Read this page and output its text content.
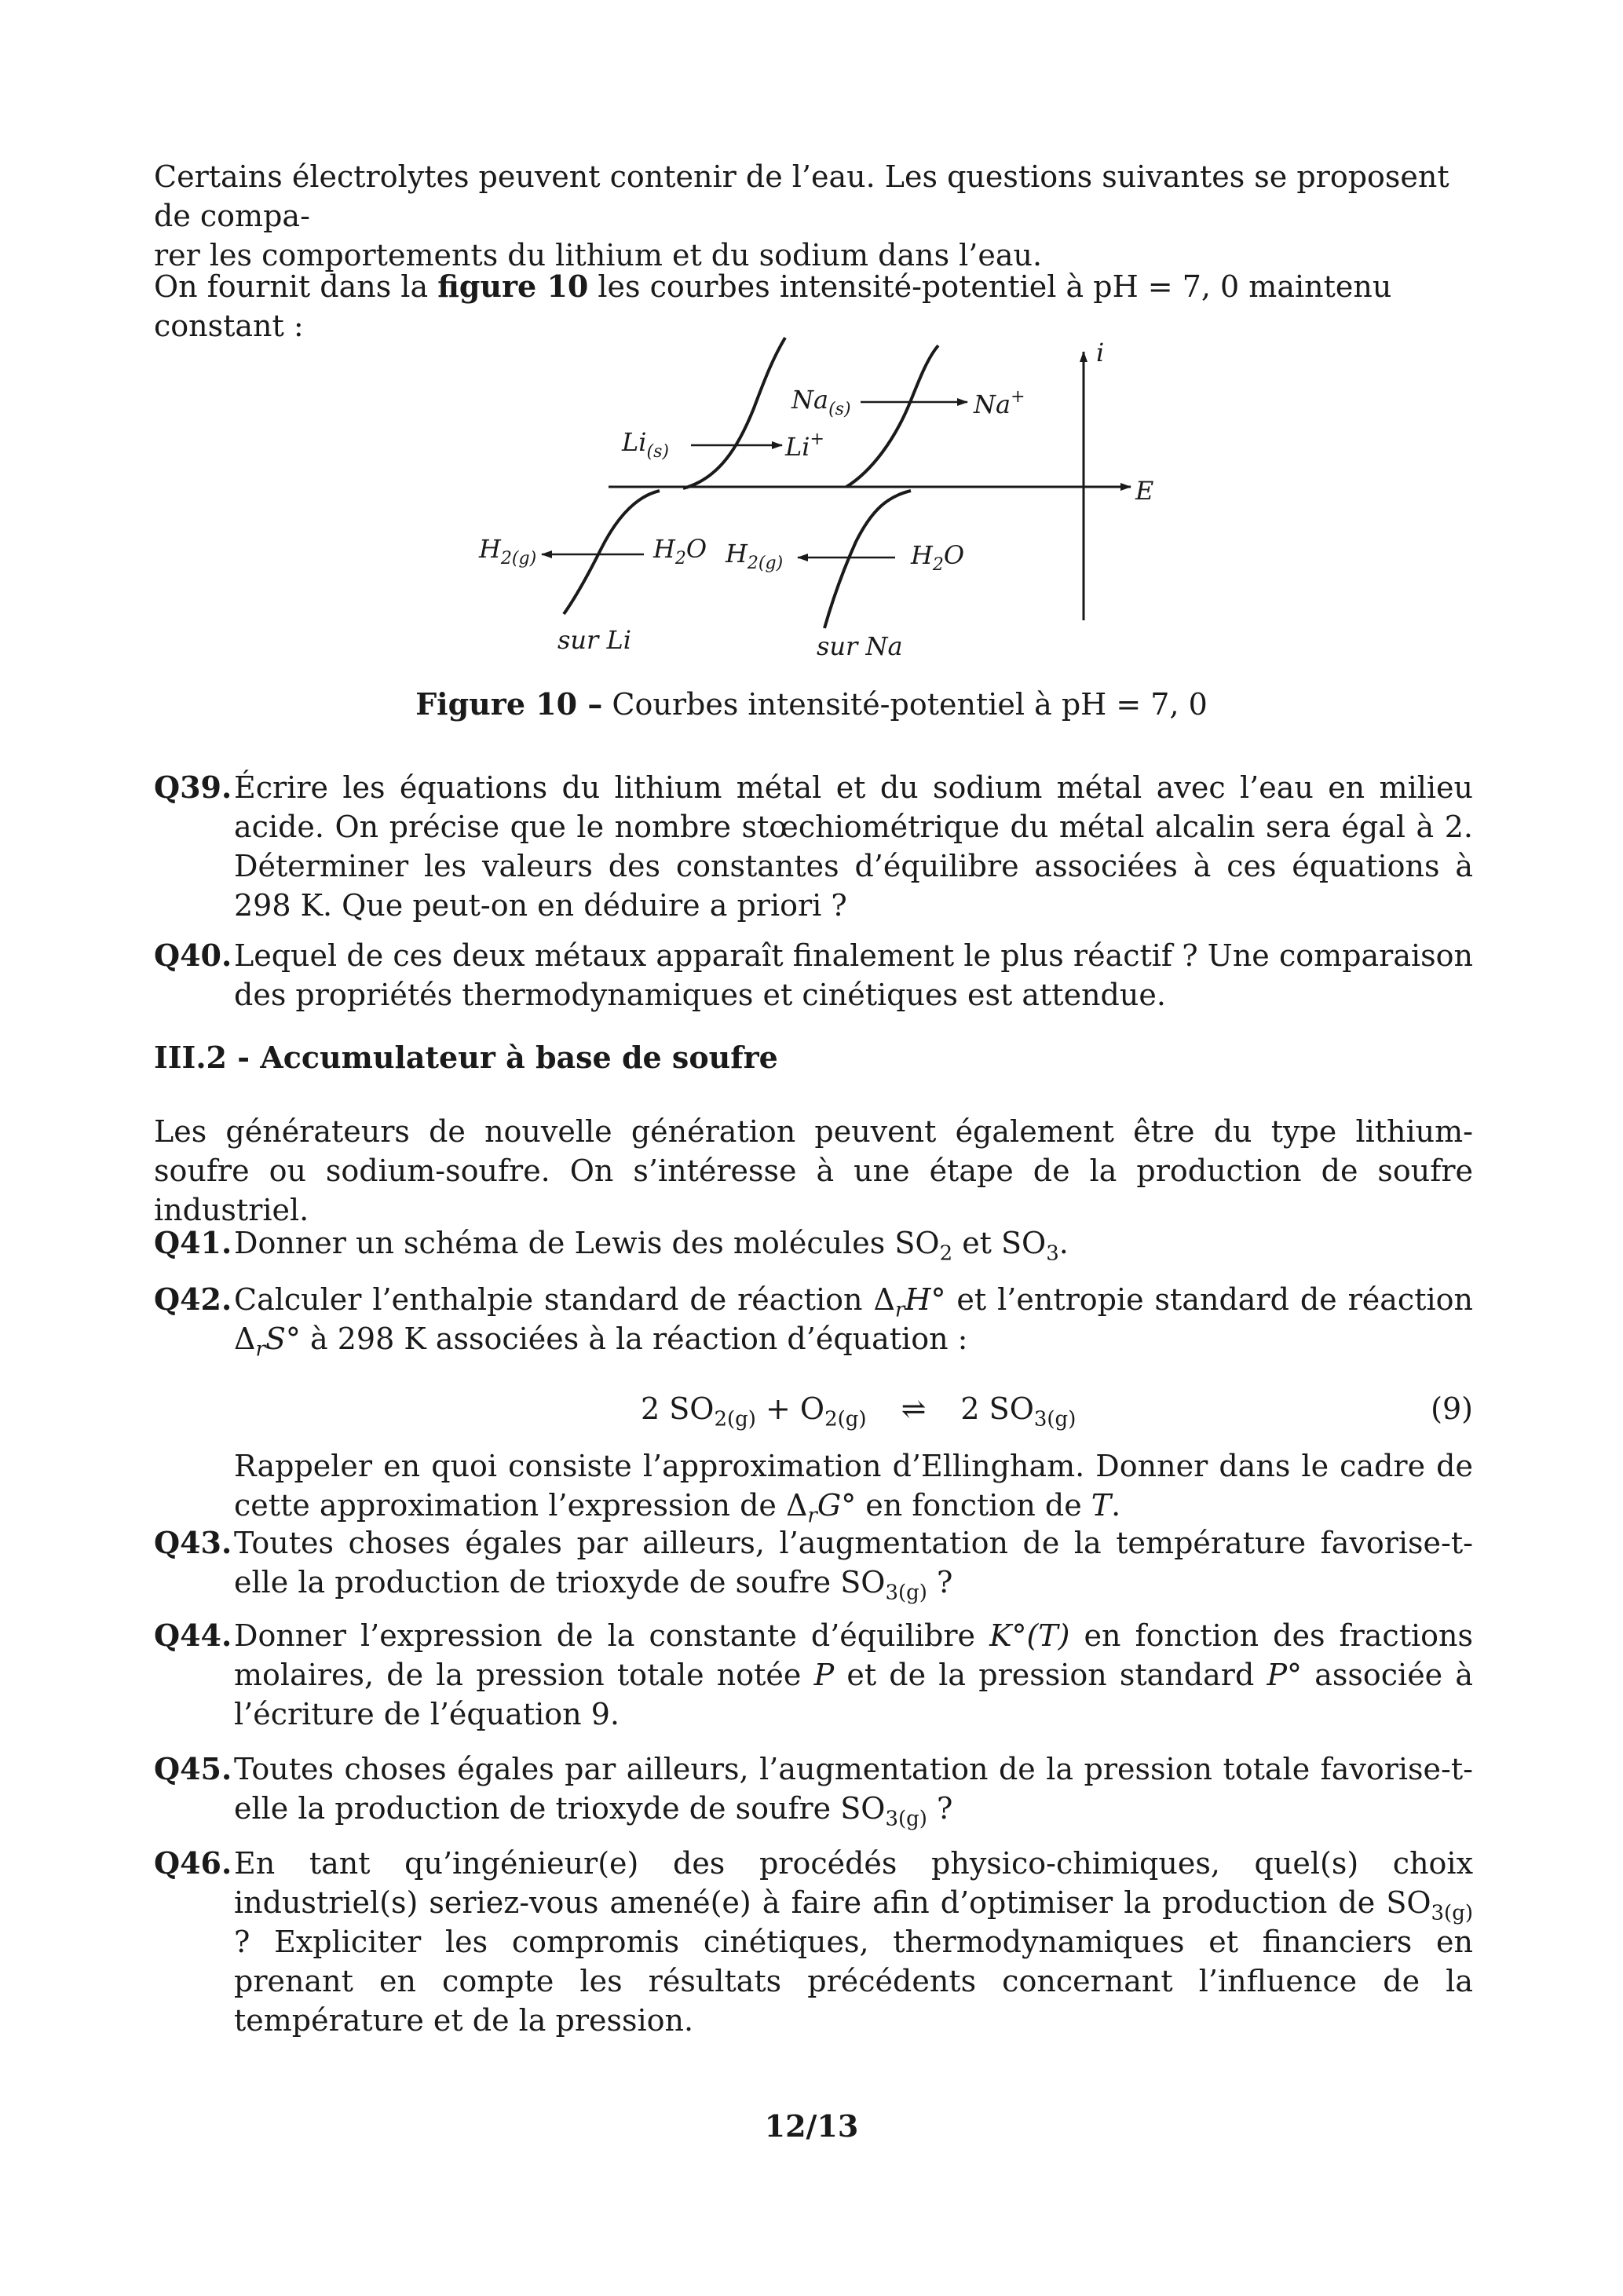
Certains électrolytes peuvent contenir de l’eau. Les questions suivantes se proposent de compa-
rer les comportements du lithium et du sodium dans l’eau.
On fournit dans la figure 10 les courbes intensité-potentiel à pH = 7, 0 maintenu constant :
i
E
$Li_{(s)}$	Li+
$Na_{(s)}$	Na+
$H_{2(g)}$	$H_2O$ $H_{2(g)}$	$H_2O$
sur Li	sur Na
Figure 10 – Courbes intensité-potentiel à pH = 7, 0
Q39. Écrire les équations du lithium métal et du sodium métal avec l’eau en milieu acide. On précise que le nombre stœchiométrique du métal alcalin sera égal à 2. Déterminer les valeurs des constantes d’équilibre associées à ces équations à 298 K. Que peut-on en déduire a priori ?
Q40. Lequel de ces deux métaux apparaît finalement le plus réactif ? Une comparaison des propriétés thermodynamiques et cinétiques est attendue.
III.2 - Accumulateur à base de soufre
Les générateurs de nouvelle génération peuvent également être du type lithium-soufre ou sodium-soufre. On s’intéresse à une étape de la production de soufre industriel.
Q41. Donner un schéma de Lewis des molécules $SO_2$ et $SO_3$.
Q42. Calculer l’enthalpie standard de réaction $\Delta_rH^\circ$ et l’entropie standard de réaction $\Delta_rS^\circ$ à 298 K associées à la réaction d’équation :
2 $SO_{2(g)} + O_{2(g)}$ ⇌ 2 $SO_{3(g)}$	(9)
Rappeler en quoi consiste l’approximation d’Ellingham. Donner dans le cadre de cette approximation l’expression de $\Delta_rG^\circ$ en fonction de T.
Q43. Toutes choses égales par ailleurs, l’augmentation de la température favorise-t-elle la production de trioxyde de soufre $SO_{3(g)}$ ?
Q44. Donner l’expression de la constante d’équilibre K°(T) en fonction des fractions molaires, de la pression totale notée P et de la pression standard P° associée à l’écriture de l’équation 9.
Q45. Toutes choses égales par ailleurs, l’augmentation de la pression totale favorise-t-elle la production de trioxyde de soufre $SO_{3(g)}$ ?
Q46. En tant qu’ingénieur(e) des procédés physico-chimiques, quel(s) choix industriel(s) seriez-vous amené(e) à faire afin d’optimiser la production de $SO_{3(g)}$ ? Expliciter les compromis cinétiques, thermodynamiques et financiers en prenant en compte les résultats précédents concernant l’influence de la température et de la pression.
12/13
